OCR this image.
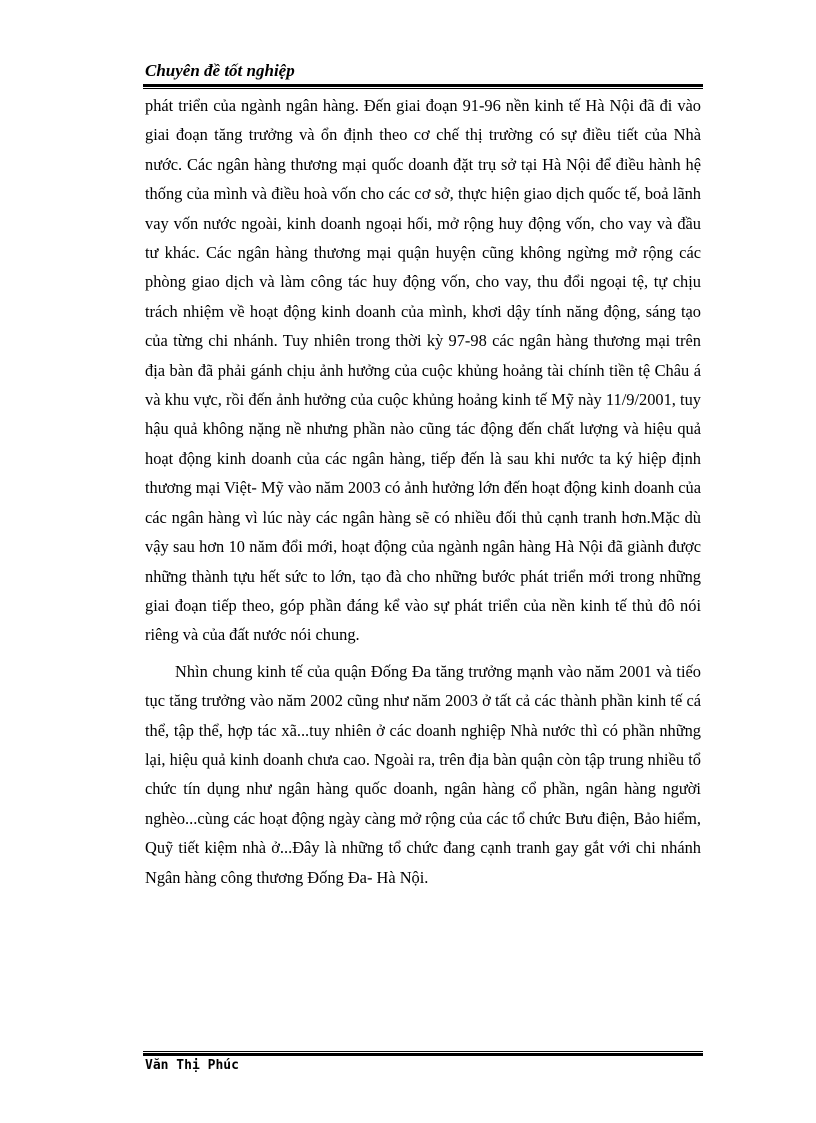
Chuyên đề tốt nghiệp

phát triển của ngành ngân hàng. Đến giai đoạn 91-96 nền kinh tế Hà Nội đã đi vào giai đoạn tăng trưởng và ổn định theo cơ chế thị trường có sự điều tiết của Nhà nước. Các ngân hàng thương mại quốc doanh đặt trụ sở tại Hà Nội để điều hành hệ thống của mình và điều hoà vốn cho các cơ sở, thực hiện giao dịch quốc tế, boả lãnh vay vốn nước ngoài, kinh doanh ngoại hối, mở rộng huy động vốn, cho vay và đầu tư khác. Các ngân hàng thương mại quận huyện cũng không ngừng mở rộng các phòng giao dịch và làm công tác huy động vốn, cho vay, thu đổi ngoại tệ, tự chịu trách nhiệm về hoạt động kinh doanh của mình, khơi dậy tính năng động, sáng tạo của từng chi nhánh. Tuy nhiên trong thời kỳ 97-98 các ngân hàng thương mại trên địa bàn đã phải gánh chịu ảnh hưởng của cuộc khủng hoảng tài chính tiền tệ Châu á và khu vực, rồi đến ảnh hưởng của cuộc khủng hoảng kinh tế Mỹ này 11/9/2001, tuy hậu quả không nặng nề nhưng phần nào cũng tác động đến chất lượng và hiệu quả hoạt động kinh doanh của các ngân hàng, tiếp đến là sau khi nước ta ký hiệp định thương mại Việt- Mỹ vào năm 2003 có ảnh hưởng lớn đến hoạt động kinh doanh của các ngân hàng vì lúc này các ngân hàng sẽ có nhiều đối thủ cạnh tranh hơn.Mặc dù vậy sau hơn 10 năm đổi mới, hoạt động của ngành ngân hàng Hà Nội đã giành được những thành tựu hết sức to lớn, tạo đà cho những bước phát triển mới trong những giai đoạn tiếp theo, góp phần đáng kể vào sự phát triển của nền kinh tế thủ đô nói riêng và của đất nước nói chung.

Nhìn chung kinh tế của quận Đống Đa tăng trưởng mạnh vào năm 2001 và tiếo tục tăng trưởng vào năm 2002 cũng như năm 2003 ở tất cả các thành phần kinh tế cá thể, tập thể, hợp tác xã...tuy nhiên ở các doanh nghiệp Nhà nước thì có phần những lại, hiệu quả kinh doanh chưa cao. Ngoài ra, trên địa bàn quận còn tập trung nhiều tổ chức tín dụng như ngân hàng quốc doanh, ngân hàng cổ phần, ngân hàng người nghèo...cùng các hoạt động ngày càng mở rộng của các tổ chức Bưu điện, Bảo hiểm, Quỹ tiết kiệm nhà ở...Đây là những tổ chức đang cạnh tranh gay gắt với chi nhánh Ngân hàng công thương Đống Đa- Hà Nội.

Văn Thị Phúc
